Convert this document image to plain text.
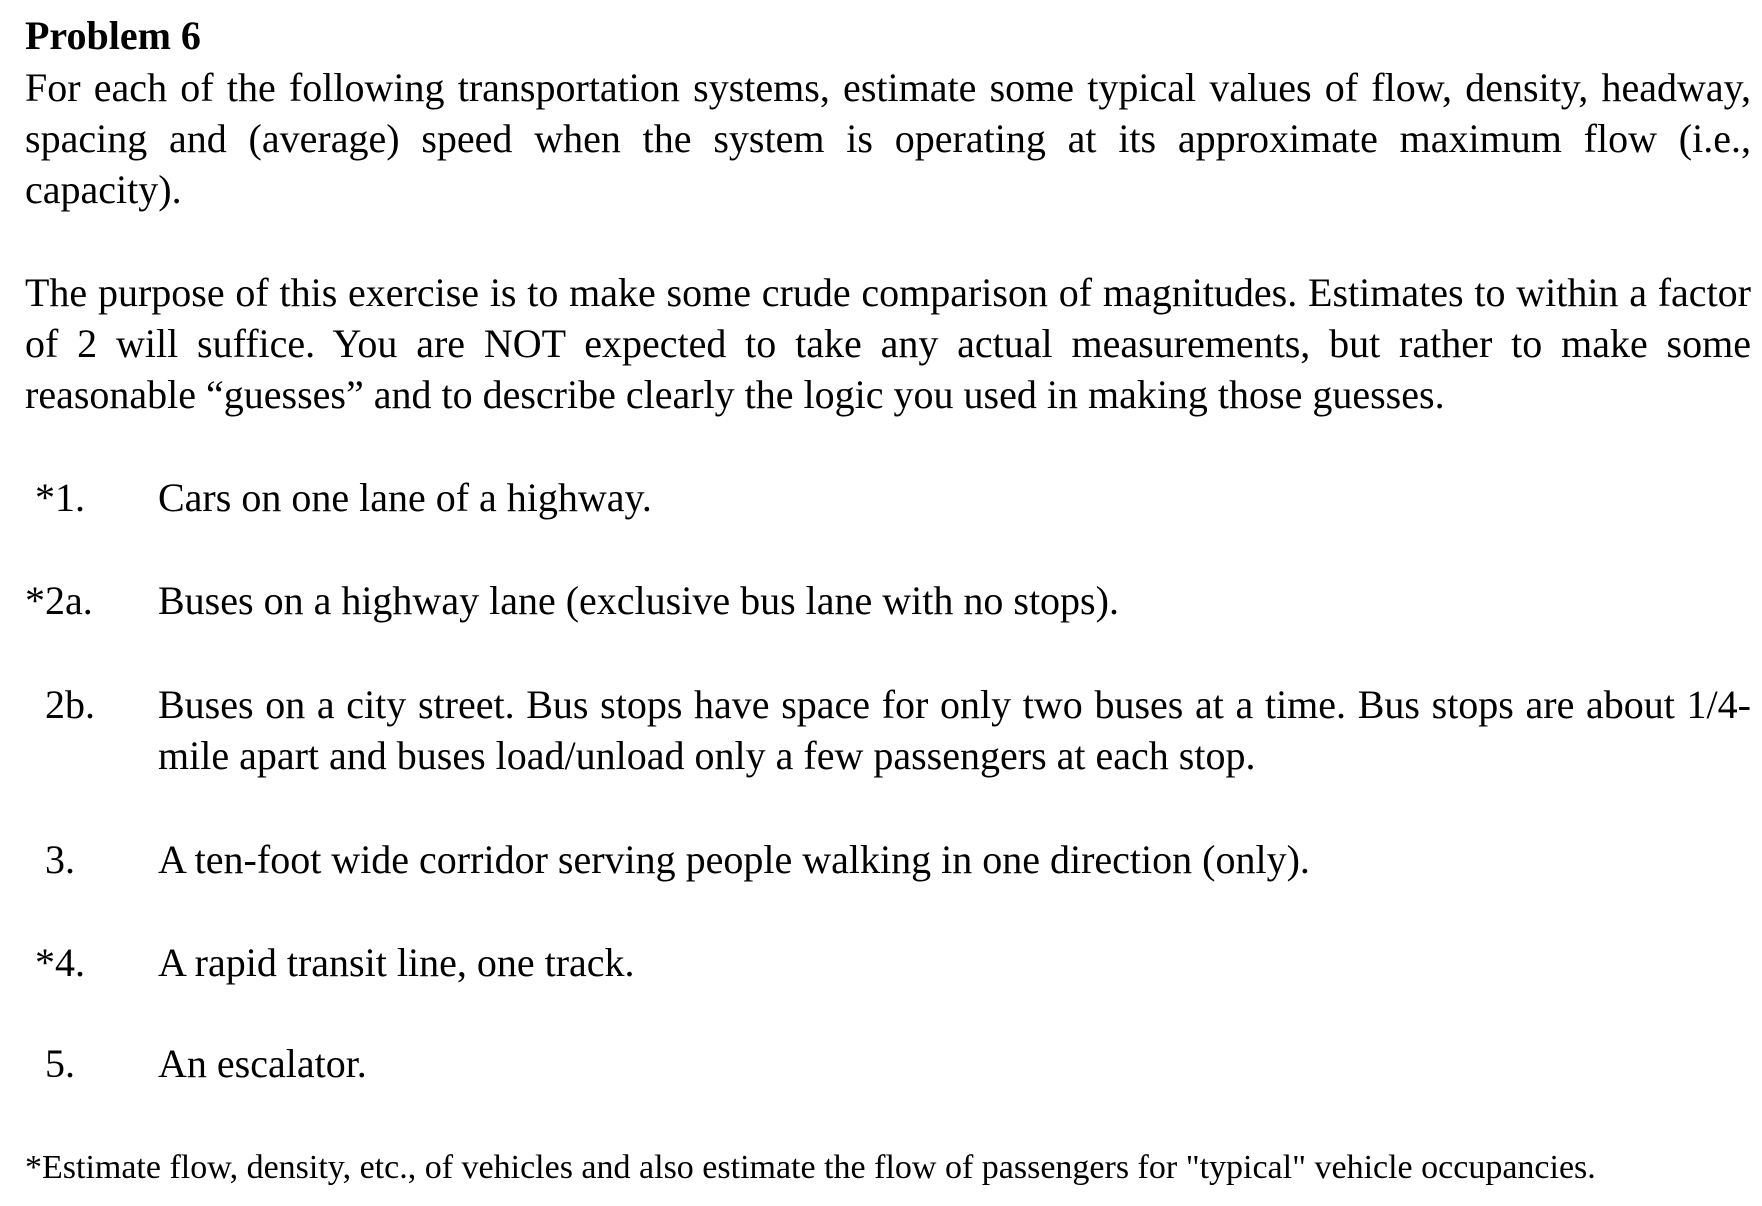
Problem 6
For each of the following transportation systems, estimate some typical values of flow, density, headway, spacing and (average) speed when the system is operating at its approximate maximum flow (i.e., capacity).
The purpose of this exercise is to make some crude comparison of magnitudes. Estimates to within a factor of 2 will suffice. You are NOT expected to take any actual measurements, but rather to make some reasonable “guesses” and to describe clearly the logic you used in making those guesses.
*1. Cars on one lane of a highway.
*2a. Buses on a highway lane (exclusive bus lane with no stops).
2b. Buses on a city street. Bus stops have space for only two buses at a time. Bus stops are about 1/4-mile apart and buses load/unload only a few passengers at each stop.
3. A ten-foot wide corridor serving people walking in one direction (only).
*4. A rapid transit line, one track.
5. An escalator.
*Estimate flow, density, etc., of vehicles and also estimate the flow of passengers for "typical" vehicle occupancies.
